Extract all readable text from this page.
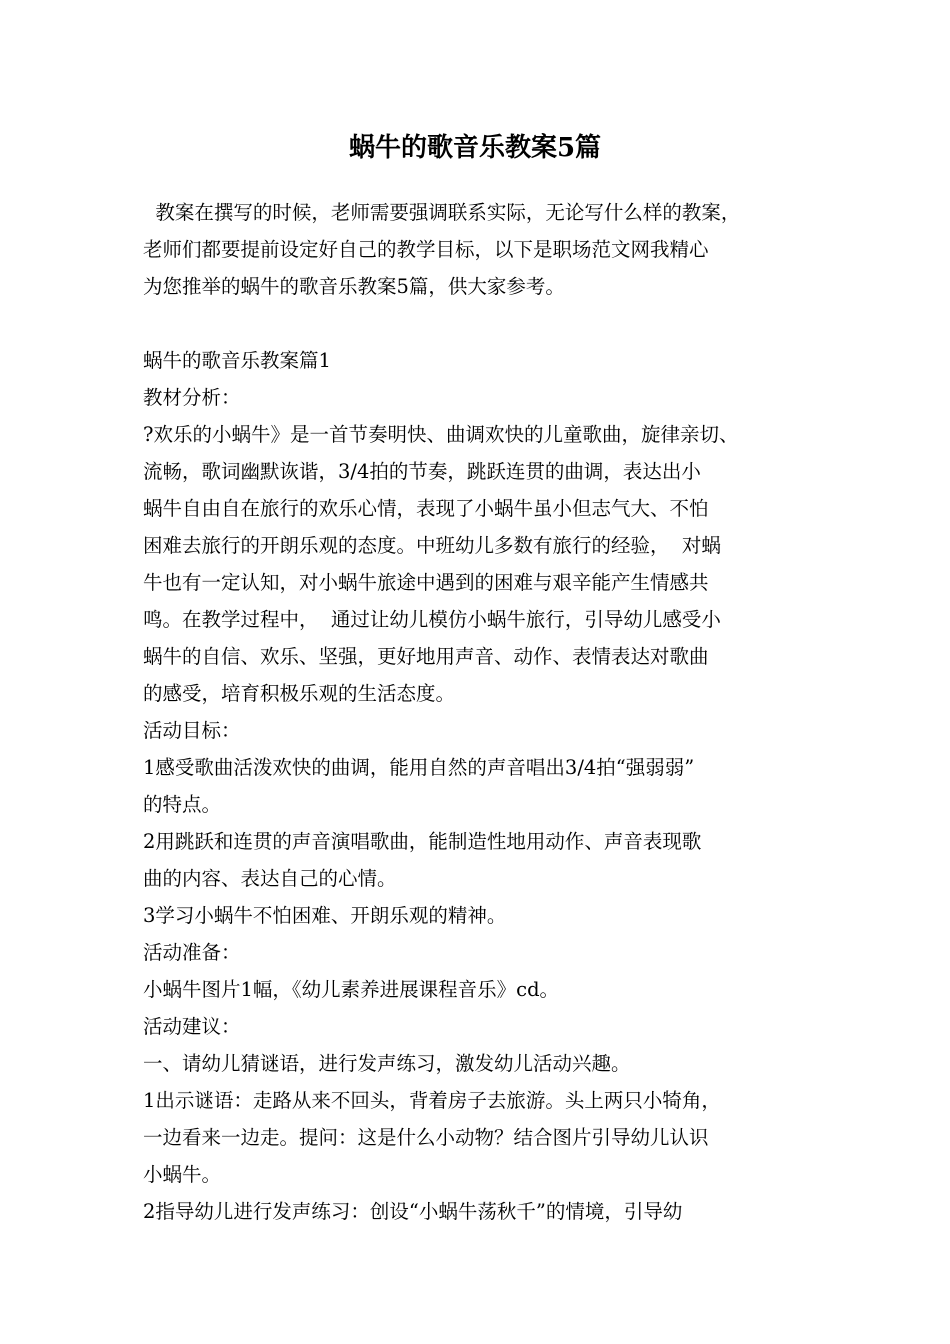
蜗牛的歌音乐教案5篇
教案在撰写的时候，老师需要强调联系实际，无论写什么样的教案，
老师们都要提前设定好自己的教学目标，以下是职场范文网我精心
为您推举的蜗牛的歌音乐教案5篇，供大家参考。
蜗牛的歌音乐教案篇1
教材分析：
?欢乐的小蜗牛》是一首节奏明快、曲调欢快的儿童歌曲，旋律亲切、
流畅，歌词幽默诙谐，3/4拍的节奏，跳跃连贯的曲调，表达出小
蜗牛自由自在旅行的欢乐心情，表现了小蜗牛虽小但志气大、不怕
困难去旅行的开朗乐观的态度。中班幼儿多数有旅行的经验，  对蜗
牛也有一定认知，对小蜗牛旅途中遇到的困难与艰辛能产生情感共
鸣。在教学过程中，  通过让幼儿模仿小蜗牛旅行，引导幼儿感受小
蜗牛的自信、欢乐、坚强，更好地用声音、动作、表情表达对歌曲
的感受，培育积极乐观的生活态度。
活动目标：
1感受歌曲活泼欢快的曲调，能用自然的声音唱出3/4拍“强弱弱”
的特点。
2用跳跃和连贯的声音演唱歌曲，能制造性地用动作、声音表现歌
曲的内容、表达自己的心情。
3学习小蜗牛不怕困难、开朗乐观的精神。
活动准备：
小蜗牛图片1幅，《幼儿素养进展课程音乐》cd。
活动建议：
一、请幼儿猜谜语，进行发声练习，激发幼儿活动兴趣。
1出示谜语：走路从来不回头，背着房子去旅游。头上两只小犄角，
一边看来一边走。提问：这是什么小动物？结合图片引导幼儿认识
小蜗牛。
2指导幼儿进行发声练习：创设“小蜗牛荡秋千”的情境，引导幼
